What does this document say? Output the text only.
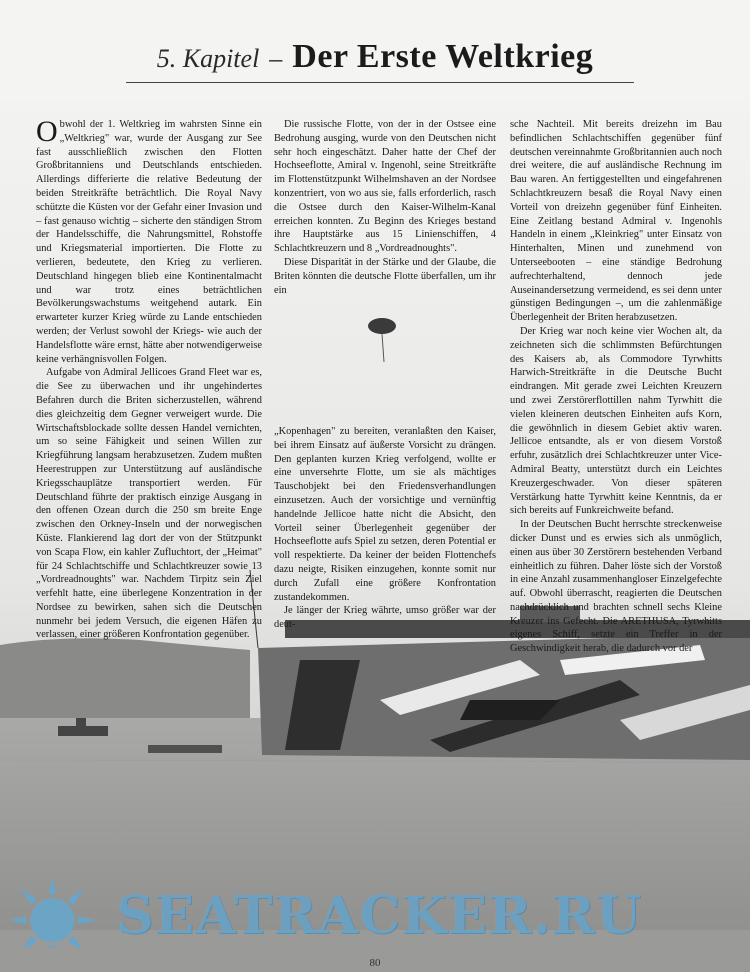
5. Kapitel – Der Erste Weltkrieg

Obwohl der 1. Weltkrieg im wahrsten Sinne ein „Weltkrieg" war, wurde der Ausgang zur See fast ausschließlich zwischen den Flotten Großbritanniens und Deutschlands entschieden. Allerdings differierte die relative Bedeutung der beiden Streitkräfte beträchtlich. Die Royal Navy schützte die Küsten vor der Gefahr einer Invasion und – fast genauso wichtig – sicherte den ständigen Strom der Handelsschiffe, die Nahrungsmittel, Rohstoffe und Kriegsmaterial importierten. Die Flotte zu verlieren, bedeutete, den Krieg zu verlieren. Deutschland hingegen blieb eine Kontinentalmacht und war trotz eines beträchtlichen Bevölkerungswachstums weitgehend autark. Ein erwarteter kurzer Krieg würde zu Lande entschieden werden; der Verlust sowohl der Kriegs- wie auch der Handelsflotte wäre ernst, hätte aber notwendigerweise keine verhängnisvollen Folgen.

Aufgabe von Admiral Jellicoes Grand Fleet war es, die See zu überwachen und ihr ungehindertes Befahren durch die Briten sicherzustellen, während dies gleichzeitig dem Gegner verweigert wurde. Die Wirtschaftsblockade sollte dessen Handel vernichten, um so seine Fähigkeit und seinen Willen zur Kriegführung langsam herabzusetzen. Zudem mußten Heerestruppen zur Unterstützung auf ausländische Kriegsschauplätze transportiert werden. Für Deutschland führte der praktisch einzige Ausgang in den offenen Ozean durch die 250 sm breite Enge zwischen den Orkney-Inseln und der norwegischen Küste. Flankierend lag dort der von der Stützpunkt von Scapa Flow, ein kahler Zufluchtort, der „Heimat" für 24 Schlachtschiffe und Schlachtkreuzer sowie 13 „Vordreadnoughts" war. Nachdem Tirpitz sein Ziel verfehlt hatte, eine überlegene Konzentration in der Nordsee zu bewirken, sahen sich die Deutschen nunmehr bei jedem Versuch, die eigenen Häfen zu verlassen, einer größeren Konfrontation gegenüber.

Die russische Flotte, von der in der Ostsee eine Bedrohung ausging, wurde von den Deutschen nicht sehr hoch eingeschätzt. Daher hatte der Chef der Hochseeflotte, Amiral v. Ingenohl, seine Streitkräfte im Flottenstützpunkt Wilhelmshaven an der Nordsee konzentriert, von wo aus sie, falls erforderlich, rasch die Ostsee durch den Kaiser-Wilhelm-Kanal erreichen konnten. Zu Beginn des Krieges bestand ihre Hauptstärke aus 15 Linienschiffen, 4 Schlachtkreuzern und 8 „Vordreadnoughts".

Diese Disparität in der Stärke und der Glaube, die Briten könnten die deutsche Flotte überfallen, um ihr ein

„Kopenhagen" zu bereiten, veranlaßten den Kaiser, bei ihrem Einsatz auf äußerste Vorsicht zu drängen. Den geplanten kurzen Krieg verfolgend, wollte er eine unversehrte Flotte, um sie als mächtiges Tauschobjekt bei den Friedensverhandlungen einzusetzen. Auch der vorsichtige und vernünftig handelnde Jellicoe hatte nicht die Absicht, den Vorteil seiner Überlegenheit gegenüber der Hochseeflotte aufs Spiel zu setzen, deren Potential er voll respektierte. Da keiner der beiden Flottenchefs dazu neigte, Risiken einzugehen, konnte somit nur durch Zufall eine größere Konfrontation zustandekommen.

Je länger der Krieg währte, umso größer war der deut-

sche Nachteil. Mit bereits dreizehn im Bau befindlichen Schlachtschiffen gegenüber fünf deutschen vereinnahmte Großbritannien auch noch drei weitere, die auf ausländische Rechnung im Bau waren. An fertiggestellten und eingefahrenen Schlachtkreuzern besaß die Royal Navy einen Vorteil von dreizehn gegenüber fünf Einheiten. Eine Zeitlang bestand Admiral v. Ingenohls Handeln in einem „Kleinkrieg" unter Einsatz von Hinterhalten, Minen und zunehmend von Unterseebooten – eine ständige Bedrohung aufrechterhaltend, dennoch jede Auseinandersetzung vermeidend, es sei denn unter günstigen Bedingungen –, um die zahlenmäßige Überlegenheit der Briten herabzusetzen.

Der Krieg war noch keine vier Wochen alt, da zeichneten sich die schlimmsten Befürchtungen des Kaisers ab, als Commodore Tyrwhitts Harwich-Streitkräfte in die Deutsche Bucht eindrangen. Mit gerade zwei Leichten Kreuzern und zwei Zerstörerflottillen nahm Tyrwhitt die vielen kleineren deutschen Einheiten aufs Korn, die gewöhnlich in diesem Gebiet aktiv waren. Jellicoe entsandte, als er von diesem Vorstoß erfuhr, zusätzlich drei Schlachtkreuzer unter Vice-Admiral Beatty, unterstützt durch ein Leichtes Kreuzergeschwader. Von dieser späteren Verstärkung hatte Tyrwhitt keine Kenntnis, da er sich bereits auf Funkreichweite befand.

In der Deutschen Bucht herrschte streckenweise dicker Dunst und es erwies sich als unmöglich, einen aus über 30 Zerstörern bestehenden Verband einheitlich zu führen. Daher löste sich der Vorstoß in eine Anzahl zusammenhangloser Einzelgefechte auf. Obwohl überrascht, reagierten die Deutschen nachdrücklich und brachten schnell sechs Kleine Kreuzer ins Gefecht. Die ARETHUSA, Tyrwhitts eigenes Schiff, setzte ein Treffer in der Geschwindigkeit herab, die dadurch vor der

SEATRACKER.RU
80
